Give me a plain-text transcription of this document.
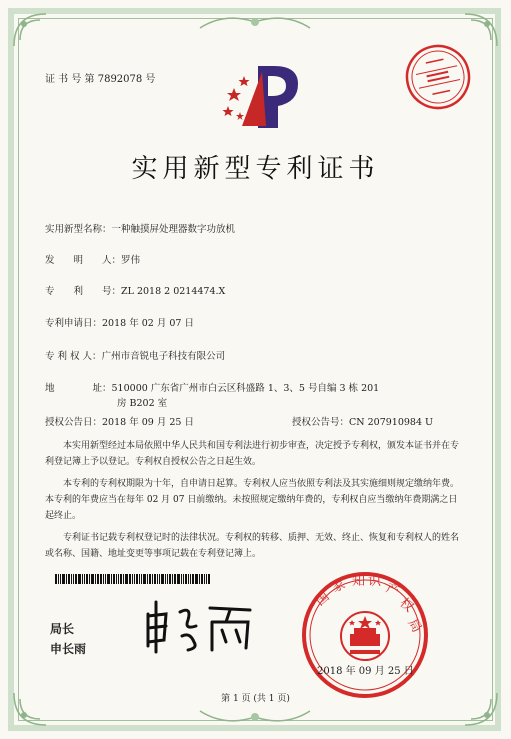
证 书 号 第 7892078 号
实用新型专利证书
实用新型名称：一种触摸屏处理器数字功放机
发　　明　　人：罗伟
专　　利　　号：ZL 2018 2 0214474.X
专利申请日：2018 年 02 月 07 日
专 利 权 人：广州市音锐电子科技有限公司
地　　　　址：510000 广东省广州市白云区科盛路 1、3、5 号自编 3 栋 201
房 B202 室
授权公告日：2018 年 09 月 25 日	授权公告号：CN 207910984 U
本实用新型经过本局依照中华人民共和国专利法进行初步审查，决定授予专利权，颁发本证书并在专利登记簿上予以登记。专利权自授权公告之日起生效。
本专利的专利权期限为十年，自申请日起算。专利权人应当依照专利法及其实施细则规定缴纳年费。本专利的年费应当在每年 02 月 07 日前缴纳。未按照规定缴纳年费的，专利权自应当缴纳年费期满之日起终止。
专利证书记载专利权登记时的法律状况。专利权的转移、质押、无效、终止、恢复和专利权人的姓名或名称、国籍、地址变更等事项记载在专利登记簿上。
局长
申长雨
国
家 知 识 产
权
局
2018 年 09 月 25 日
第 1 页 (共 1 页)
